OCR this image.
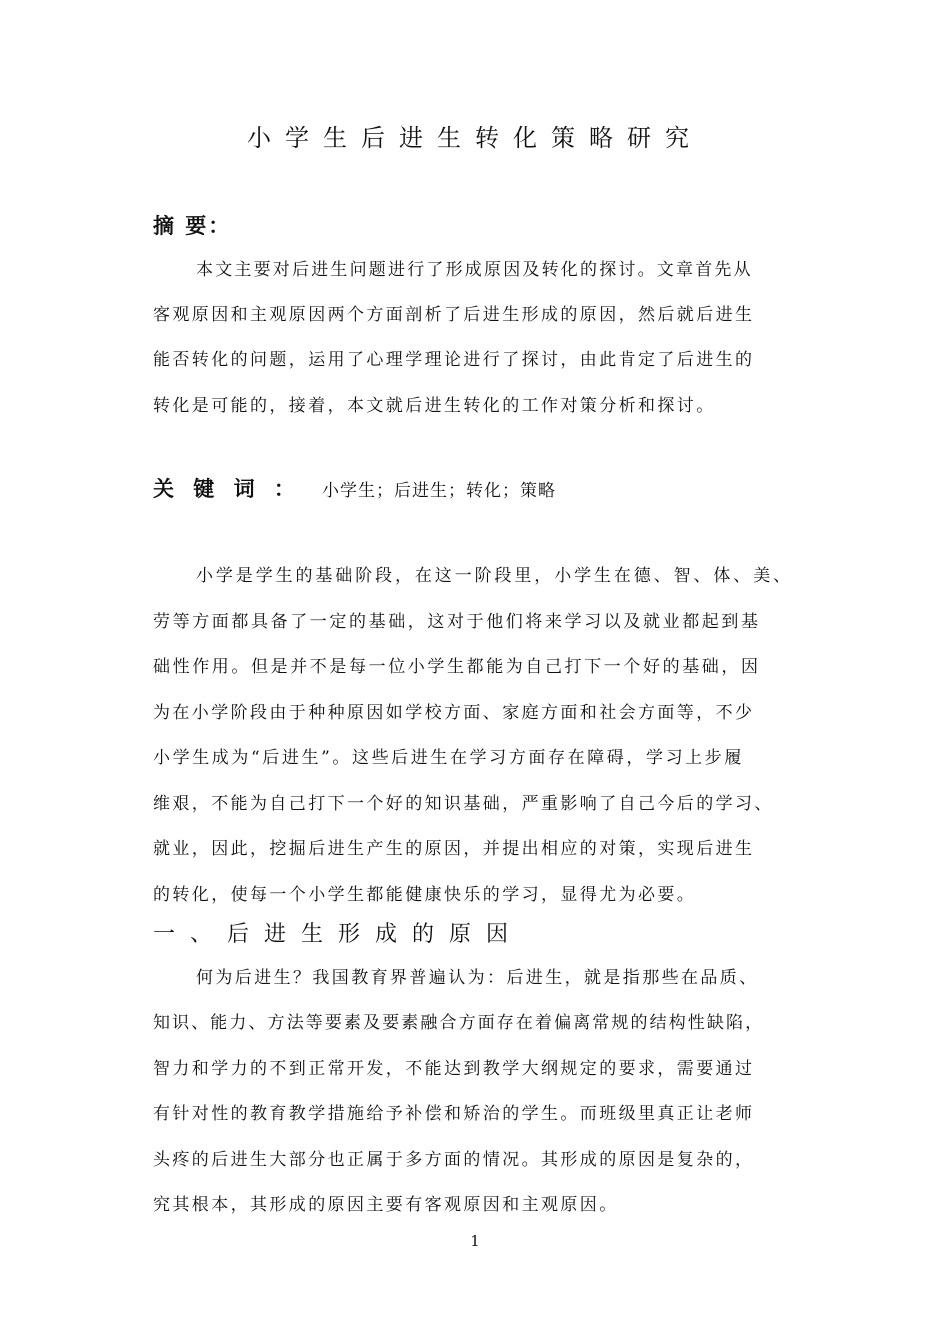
小学生后进生转化策略研究
摘 要：
本文主要对后进生问题进行了形成原因及转化的探讨。文章首先从
客观原因和主观原因两个方面剖析了后进生形成的原因，然后就后进生
能否转化的问题，运用了心理学理论进行了探讨，由此肯定了后进生的
转化是可能的，接着，本文就后进生转化的工作对策分析和探讨。
关 键 词 ： 小学生；后进生；转化；策略
小学是学生的基础阶段，在这一阶段里，小学生在德、智、体、美、
劳等方面都具备了一定的基础，这对于他们将来学习以及就业都起到基
础性作用。但是并不是每一位小学生都能为自己打下一个好的基础，因
为在小学阶段由于种种原因如学校方面、家庭方面和社会方面等，不少
小学生成为“后进生”。这些后进生在学习方面存在障碍，学习上步履
维艰，不能为自己打下一个好的知识基础，严重影响了自己今后的学习、
就业，因此，挖掘后进生产生的原因，并提出相应的对策，实现后进生
的转化，使每一个小学生都能健康快乐的学习，显得尤为必要。
一 、 后 进 生 形 成 的 原 因
何为后进生？我国教育界普遍认为：后进生，就是指那些在品质、
知识、能力、方法等要素及要素融合方面存在着偏离常规的结构性缺陷，
智力和学力的不到正常开发，不能达到教学大纲规定的要求，需要通过
有针对性的教育教学措施给予补偿和矫治的学生。而班级里真正让老师
头疼的后进生大部分也正属于多方面的情况。其形成的原因是复杂的，
究其根本，其形成的原因主要有客观原因和主观原因。
1
